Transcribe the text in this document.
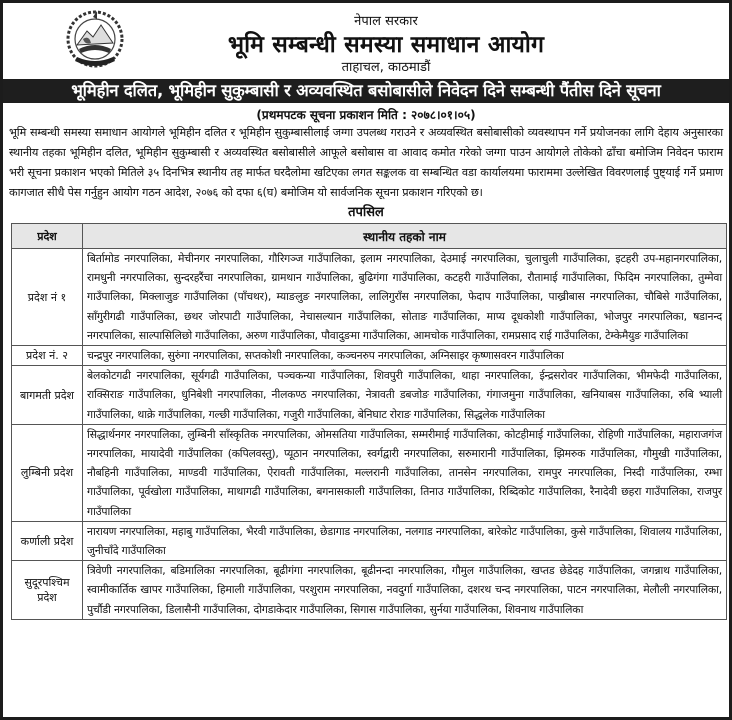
नेपाल सरकार
भूमि सम्बन्धी समस्या समाधान आयोग
ताहाचल, काठमाडौं
भूमिहीन दलित, भूमिहीन सुकुम्बासी र अव्यवस्थित बसोबासीले निवेदन दिने सम्बन्धी पैंतीस दिने सूचना
(प्रथमपटक सूचना प्रकाशन मिति : २०७८।०१।०५)
भूमि सम्बन्धी समस्या समाधान आयोगले भूमिहीन दलित र भूमिहीन सुकुम्बासीलाई जग्गा उपलब्ध गराउने र अव्यवस्थित बसोबासीको व्यवस्थापन गर्ने प्रयोजनका लागि देहाय अनुसारका स्थानीय तहका भूमिहीन दलित, भूमिहीन सुकुम्बासी र अव्यवस्थित बसोबासीले आफूले बसोबास वा आवाद कमोत गरेको जग्गा पाउन आयोगले तोकेको ढाँचा बमोजिम निवेदन फाराम भरी सूचना प्रकाशन भएको मितिले ३५ दिनभित्र स्थानीय तह मार्फत घरदैलोमा खटिएका लगत सङ्कलक वा सम्बन्धित वडा कार्यालयमा फाराममा उल्लेखित विवरणलाई पुष्ट्याई गर्ने प्रमाण कागजात सीधै पेस गर्नुहुन आयोग गठन आदेश, २०७६ को दफा ६(घ) बमोजिम यो सार्वजनिक सूचना प्रकाशन गरिएको छ।
तपसिल
प्रदेश	स्थानीय तहको नाम
प्रदेश नं १	बिर्तामोड नगरपालिका, मेचीनगर नगरपालिका, गौरिगञ्ज गाउँपालिका, इलाम नगरपालिका, देउमाई नगरपालिका, चुलाचुली गाउँपालिका, इटहरी उप-महानगरपालिका, रामधुनी नगरपालिका, सुन्दरहरैंचा नगरपालिका, ग्रामथान गाउँपालिका, बुढिगंगा गाउँपालिका, कटहरी गाउँपालिका, रौतामाई गाउँपालिका, फिदिम नगरपालिका, तुम्मेवा गाउँपालिका, मिक्लाजुङ गाउँपालिका (पाँचथर), म्याङलुङ नगरपालिका, लालिगुराँस नगरपालिका, फेदाप गाउँपालिका, पाख्रीबास नगरपालिका, चौबिसे गाउँपालिका, साँगुरीगढी गाउँपालिका, छथर जोरपाटी गाउँपालिका, नेचासल्यान गाउँपालिका, सोताङ गाउँपालिका, माप्य दूधकोशी गाउँपालिका, भोजपुर नगरपालिका, षडानन्द नगरपालिका, साल्पासिलिछो गाउँपालिका, अरुण गाउँपालिका, पौवादुङमा गाउँपालिका, आमचोक गाउँपालिका, रामप्रसाद राई गाउँपालिका, टेम्केमैयुङ गाउँपालिका
प्रदेश नं. २	चन्द्रपुर नगरपालिका, सुरुंगा नगरपालिका, सप्तकोशी नगरपालिका, कञ्चनरुप नगरपालिका, अग्निसाइर कृष्णासवरन गाउँपालिका
बागमती प्रदेश	बेलकोटगढी नगरपालिका, सूर्यगढी गाउँपालिका, पञ्चकन्या गाउँपालिका, शिवपुरी गाउँपालिका, थाहा नगरपालिका, ईन्द्रसरोवर गाउँपालिका, भीमफेदी गाउँपालिका, राक्सिराङ गाउँपालिका, धुनिबेशी नगरपालिका, नीलकण्ठ नगरपालिका, नेत्रावती डबजोङ गाउँपालिका, गंगाजमुना गाउँपालिका, खनियाबस गाउँपालिका, रुबि भ्याली गाउँपालिका, थाक्रे गाउँपालिका, गल्छी गाउँपालिका, गजुरी गाउँपालिका, बेनिघाट रोराङ गाउँपालिका, सिद्धलेक गाउँपालिका
लुम्बिनी प्रदेश	सिद्धार्थनगर नगरपालिका, लुम्बिनी साँस्कृतिक नगरपालिका, ओमसतिया गाउँपालिका, सम्मरीमाई गाउँपालिका, कोटहीमाई गाउँपालिका, रोहिणी गाउँपालिका, महाराजगंज नगरपालिका, मायादेवी गाउँपालिका (कपिलवस्तु), प्यूठान नगरपालिका, स्वर्गद्वारी नगरपालिका, सरुमारानी गाउँपालिका, झिमरुक गाउँपालिका, गौमुखी गाउँपालिका, नौबहिनी गाउँपालिका, माण्डवी गाउँपालिका, ऐरावती गाउँपालिका, मल्लरानी गाउँपालिका, तानसेन नगरपालिका, रामपुर नगरपालिका, निस्दी गाउँपालिका, रम्भा गाउँपालिका, पूर्वखोला गाउँपालिका, माथागढी गाउँपालिका, बगनासकाली गाउँपालिका, तिनाउ गाउँपालिका, रिब्दिकोट गाउँपालिका, रैनादेवी छहरा गाउँपालिका, राजपुर गाउँपालिका
कर्णाली प्रदेश	नारायण नगरपालिका, महाबु गाउँपालिका, भैरवी गाउँपालिका, छेडागाड नगरपालिका, नलगाड नगरपालिका, बारेकोट गाउँपालिका, कुसे गाउँपालिका, शिवालय गाउँपालिका, जुनीचाँदे गाउँपालिका
सुदूरपश्चिम प्रदेश	त्रिवेणी नगरपालिका, बडिमालिका नगरपालिका, बूढीगंगा नगरपालिका, बूढीनन्दा नगरपालिका, गौमुल गाउँपालिका, खप्तड छेडेदह गाउँपालिका, जगन्नाथ गाउँपालिका, स्वामीकार्तिक खापर गाउँपालिका, हिमाली गाउँपालिका, परशुराम नगरपालिका, नवदुर्गा गाउँपालिका, दशरथ चन्द नगरपालिका, पाटन नगरपालिका, मेलौली नगरपालिका, पुर्चौडी नगरपालिका, डिलासैनी गाउँपालिका, दोगडाकेदार गाउँपालिका, सिगास गाउँपालिका, सुर्नया गाउँपालिका, शिवनाथ गाउँपालिका
